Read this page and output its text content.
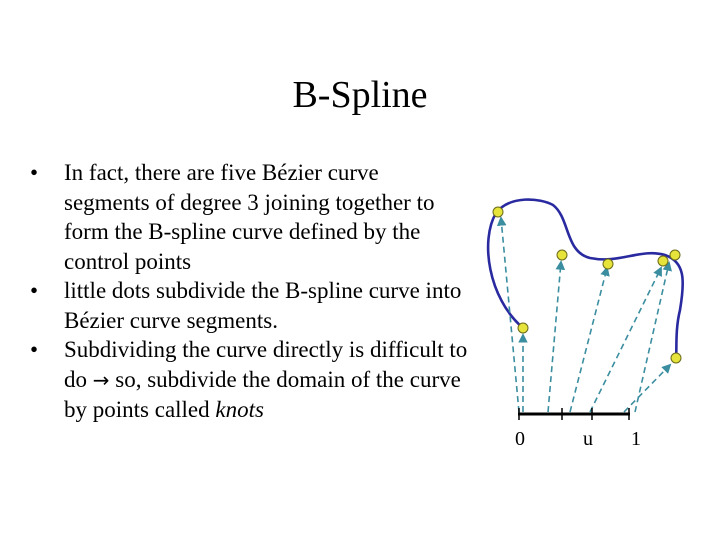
B-Spline
• In fact, there are five Bézier curve segments of degree 3 joining together to form the B-spline curve defined by the control points
• little dots subdivide the B-spline curve into Bézier curve segments.
• Subdividing the curve directly is difficult to do → so, subdivide the domain of the curve by points called knots
0	u 1
